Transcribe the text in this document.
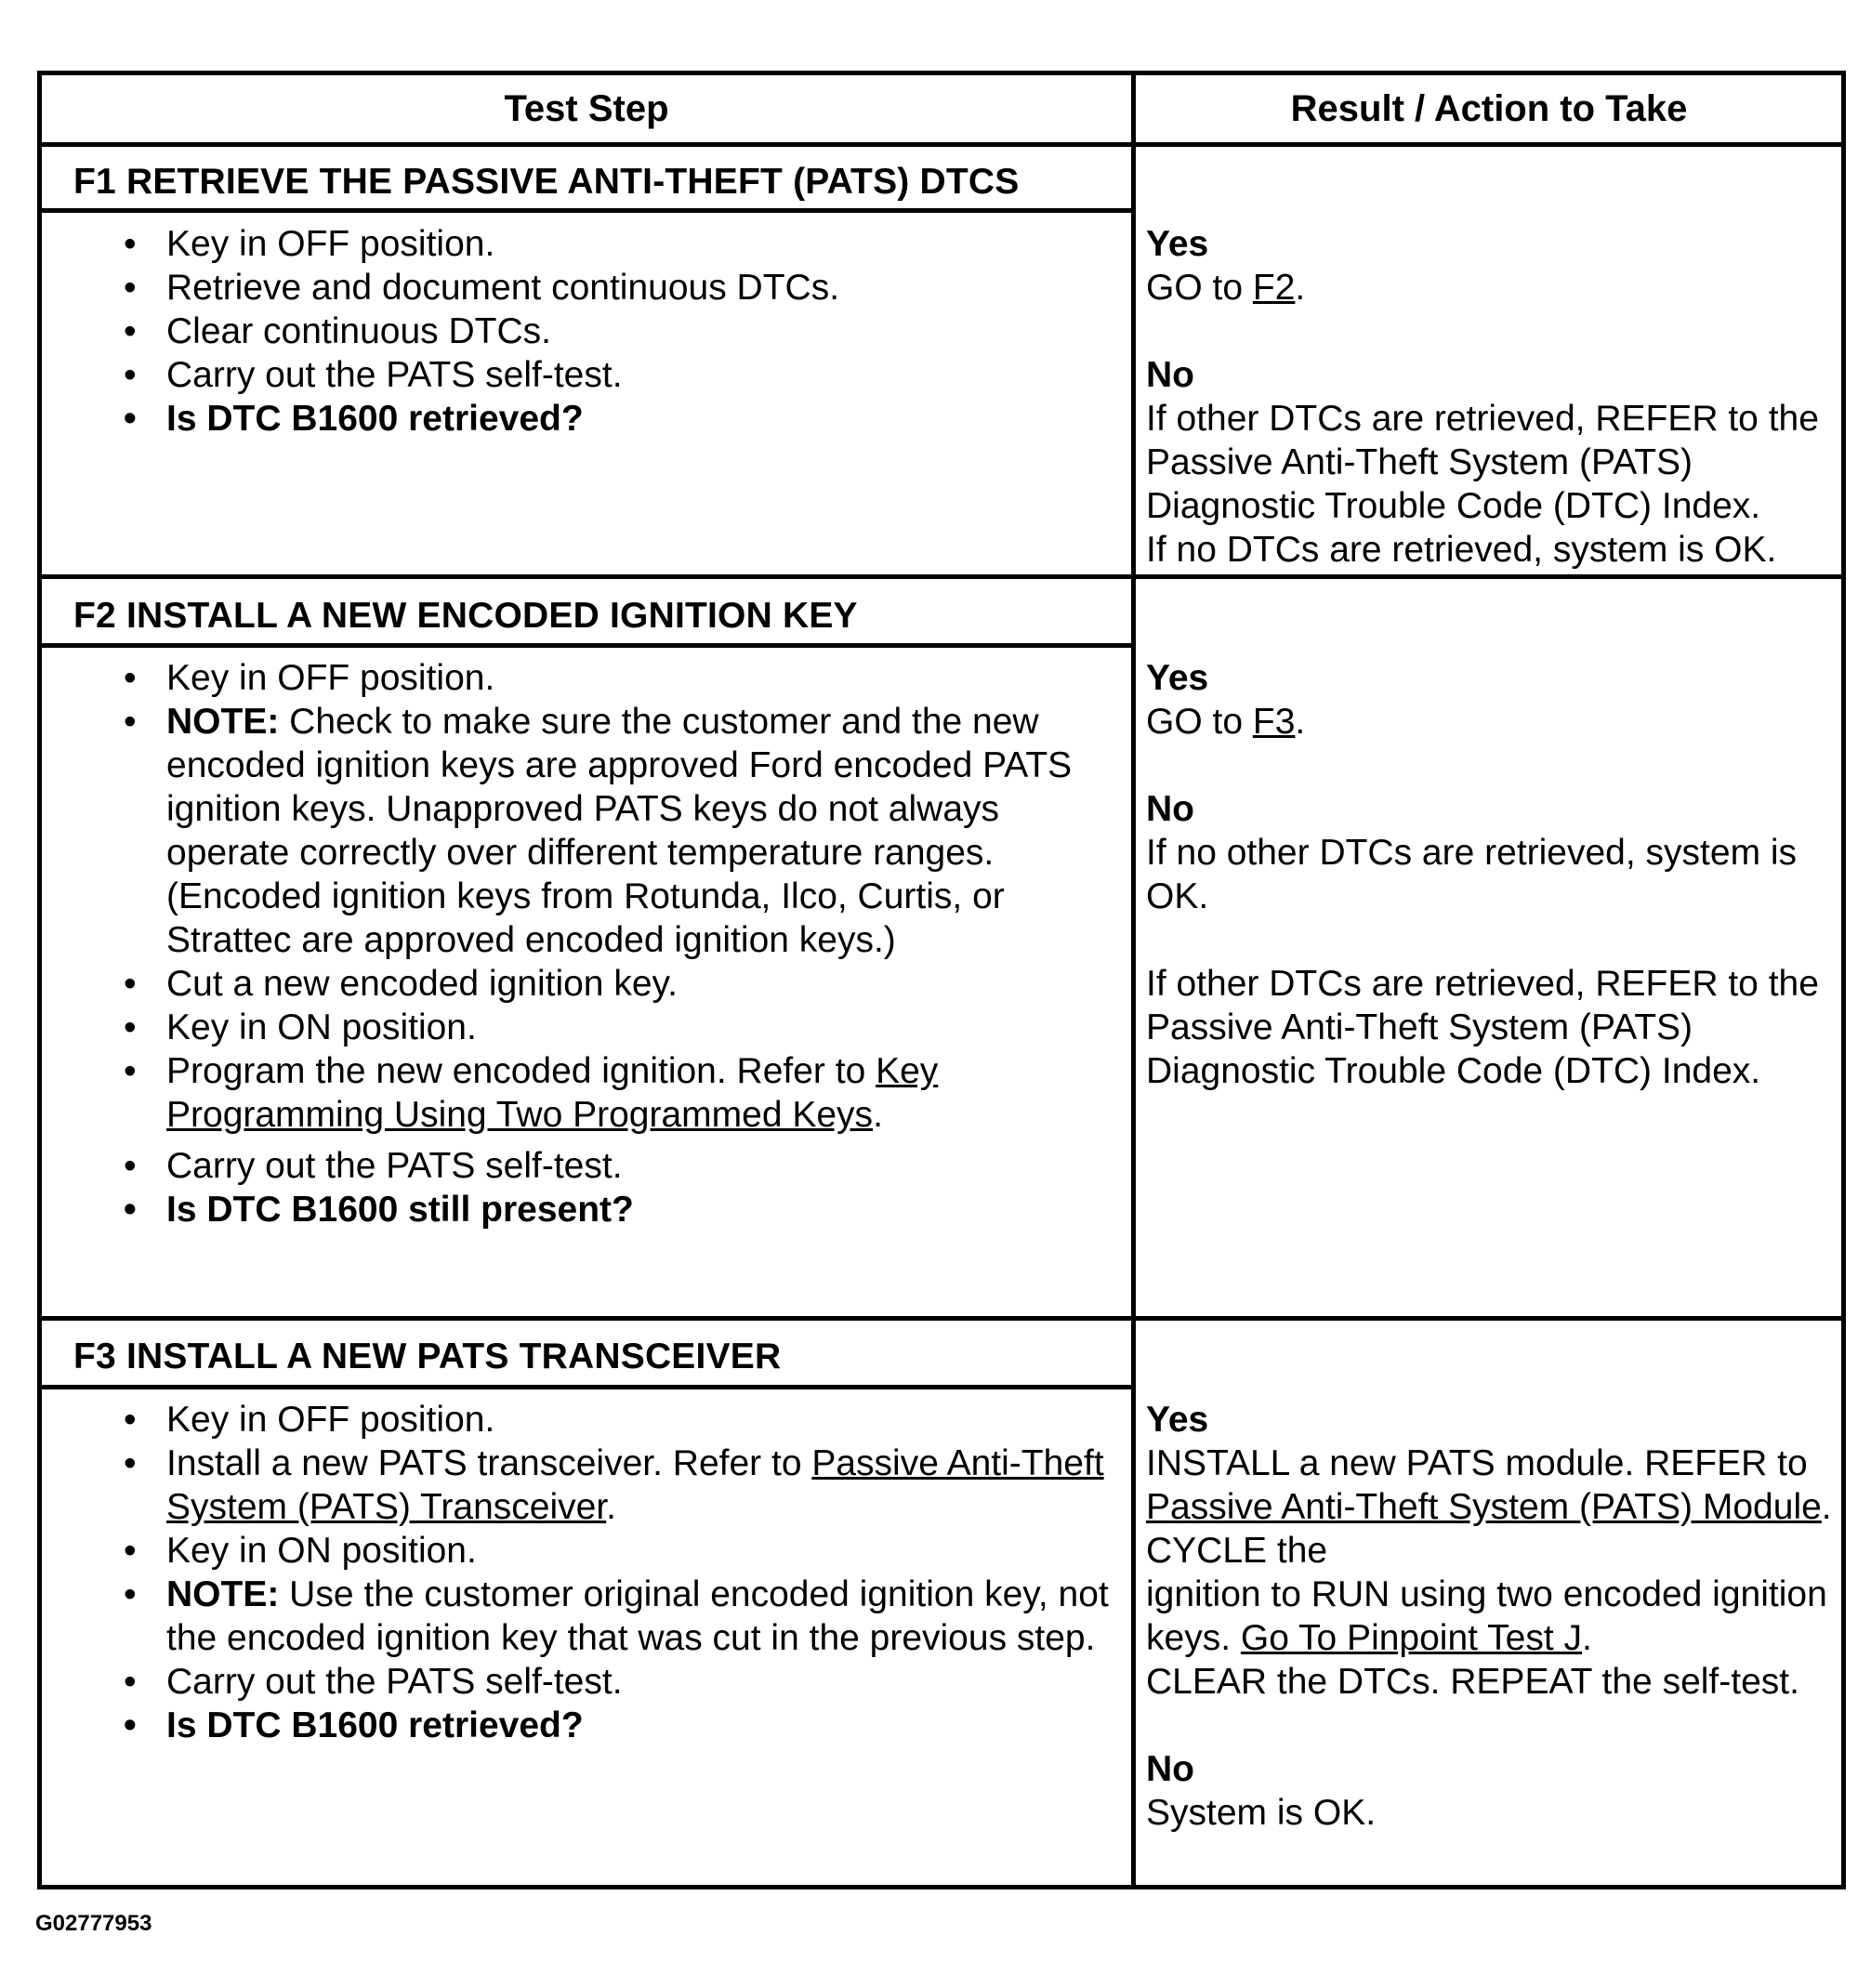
Test Step	Result / Action to Take
F1 RETRIEVE THE PASSIVE ANTI-THEFT (PATS) DTCS
• Key in OFF position.
• Retrieve and document continuous DTCs.
• Clear continuous DTCs.
• Carry out the PATS self-test.
• Is DTC B1600 retrieved?
Yes
GO to F2.
No
If other DTCs are retrieved, REFER to the Passive Anti-Theft System (PATS) Diagnostic Trouble Code (DTC) Index.
If no DTCs are retrieved, system is OK.
F2 INSTALL A NEW ENCODED IGNITION KEY
• Key in OFF position.
• NOTE: Check to make sure the customer and the new encoded ignition keys are approved Ford encoded PATS ignition keys. Unapproved PATS keys do not always operate correctly over different temperature ranges. (Encoded ignition keys from Rotunda, Ilco, Curtis, or Strattec are approved encoded ignition keys.)
• Cut a new encoded ignition key.
• Key in ON position.
• Program the new encoded ignition. Refer to Key Programming Using Two Programmed Keys.
• Carry out the PATS self-test.
• Is DTC B1600 still present?
Yes
GO to F3.
No
If no other DTCs are retrieved, system is OK.
If other DTCs are retrieved, REFER to the Passive Anti-Theft System (PATS) Diagnostic Trouble Code (DTC) Index.
F3 INSTALL A NEW PATS TRANSCEIVER
• Key in OFF position.
• Install a new PATS transceiver. Refer to Passive Anti-Theft System (PATS) Transceiver.
• Key in ON position.
• NOTE: Use the customer original encoded ignition key, not the encoded ignition key that was cut in the previous step.
• Carry out the PATS self-test.
• Is DTC B1600 retrieved?
Yes
INSTALL a new PATS module. REFER to Passive Anti-Theft System (PATS) Module. CYCLE the
ignition to RUN using two encoded ignition keys. Go To Pinpoint Test J.
CLEAR the DTCs. REPEAT the self-test.
No
System is OK.
G02777953
